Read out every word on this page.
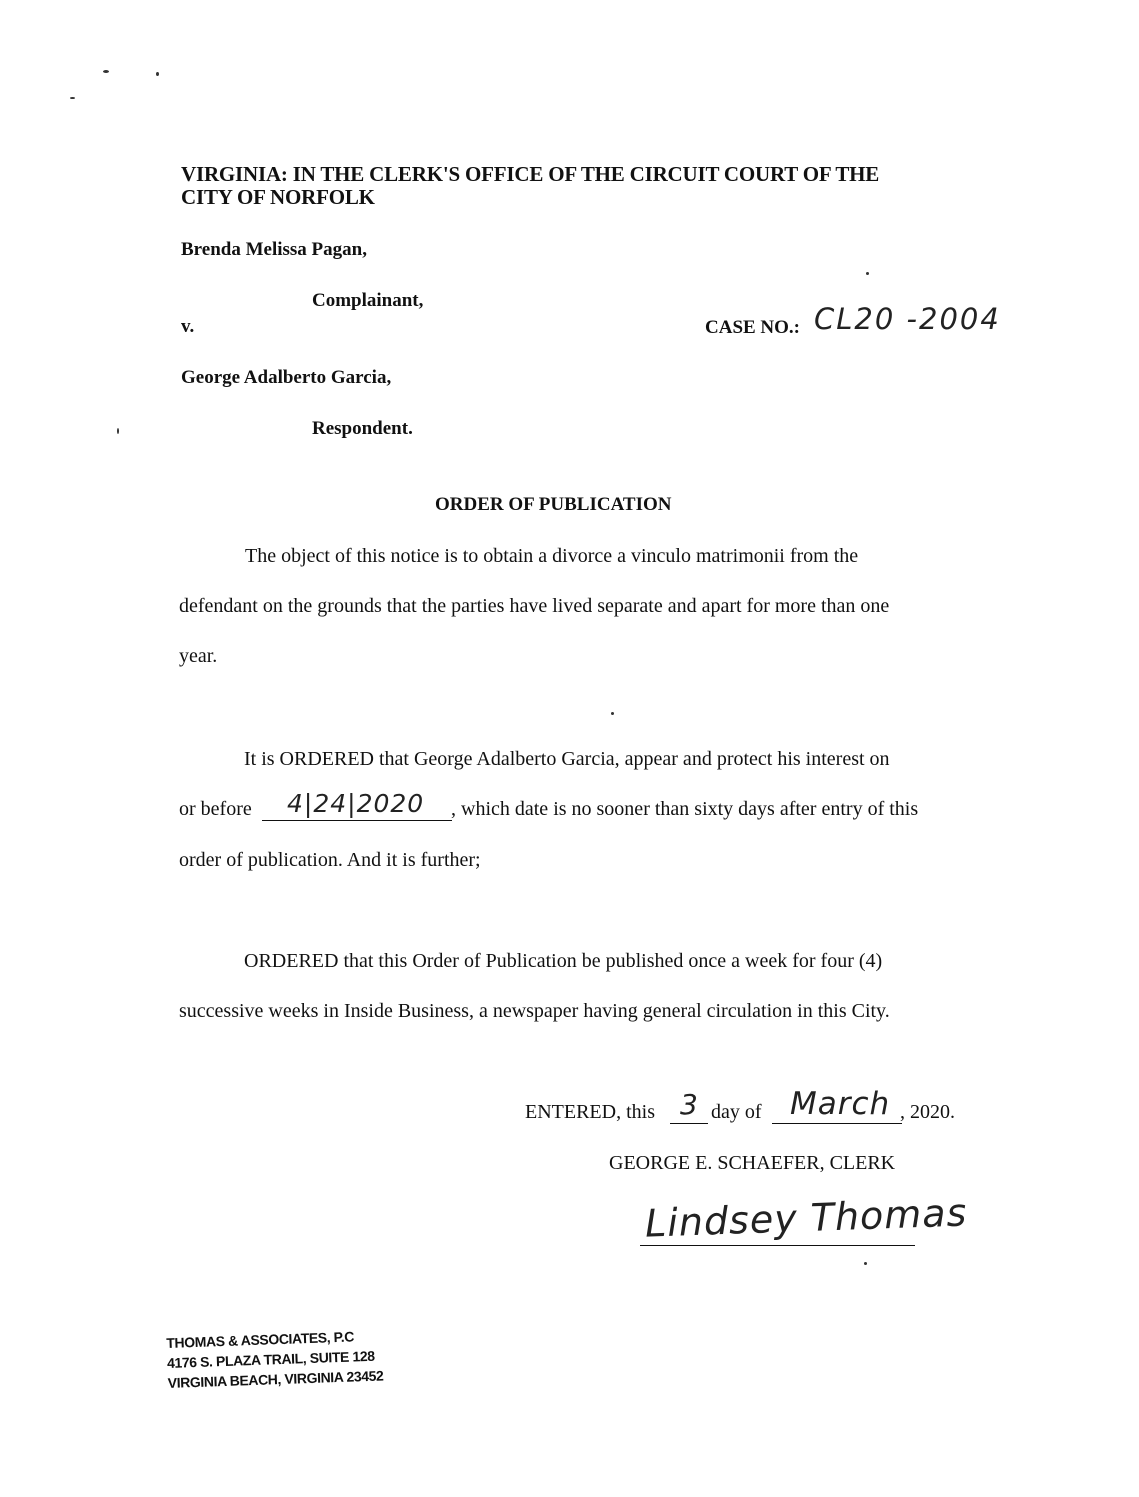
VIRGINIA: IN THE CLERK'S OFFICE OF THE CIRCUIT COURT OF THE
CITY OF NORFOLK
Brenda Melissa Pagan,
Complainant,
v.	CASE NO.: CL20 -2004
George Adalberto Garcia,
Respondent.
ORDER OF PUBLICATION
The object of this notice is to obtain a divorce a vinculo matrimonii from the
defendant on the grounds that the parties have lived separate and apart for more than one
year.
It is ORDERED that George Adalberto Garcia, appear and protect his interest on
or before 4|24|2020 , which date is no sooner than sixty days after entry of this
order of publication. And it is further;
ORDERED that this Order of Publication be published once a week for four (4)
successive weeks in Inside Business, a newspaper having general circulation in this City.
ENTERED, this 3 day of March , 2020.
GEORGE E. SCHAEFER, CLERK
Lindsey Thomas
THOMAS & ASSOCIATES, P.C
4176 S. PLAZA TRAIL, SUITE 128
VIRGINIA BEACH, VIRGINIA 23452
